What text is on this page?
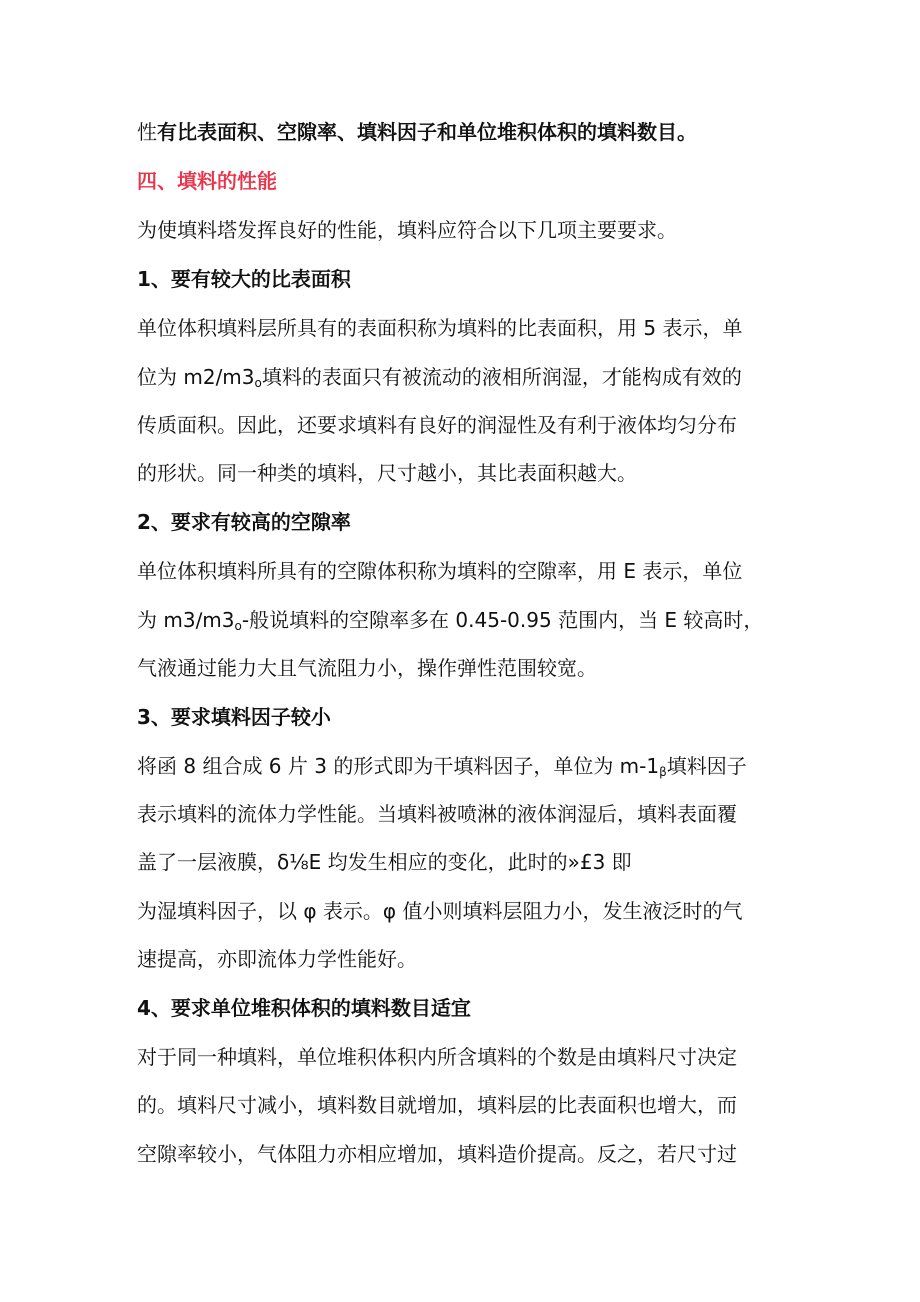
性有比表面积、空隙率、填料因子和单位堆积体积的填料数目。
四、填料的性能
为使填料塔发挥良好的性能，填料应符合以下几项主要要求。
1、要有较大的比表面积
单位体积填料层所具有的表面积称为填料的比表面积，用 5 表示，单
位为 $m2/m3_o$填料的表面只有被流动的液相所润湿，才能构成有效的
传质面积。因此，还要求填料有良好的润湿性及有利于液体均匀分布
的形状。同一种类的填料，尺寸越小，其比表面积越大。
2、要求有较高的空隙率
单位体积填料所具有的空隙体积称为填料的空隙率，用 E 表示，单位
为 $m3∕m3_o-$般说填料的空隙率多在 0.45-0.95 范围内，当 E 较高时，
气液通过能力大且气流阻力小，操作弹性范围较宽。
3、要求填料因子较小
将函 8 组合成 6 片 3 的形式即为干填料因子，单位为 $m-1_\beta$填料因子
表示填料的流体力学性能。当填料被喷淋的液体润湿后，填料表面覆
盖了一层液膜，δ⅛E 均发生相应的变化，此时的»£3 即
为湿填料因子，以 φ 表示。φ 值小则填料层阻力小，发生液泛时的气
速提高，亦即流体力学性能好。
4、要求单位堆积体积的填料数目适宜
对于同一种填料，单位堆积体积内所含填料的个数是由填料尺寸决定
的。填料尺寸减小，填料数目就增加，填料层的比表面积也增大，而
空隙率较小，气体阻力亦相应增加，填料造价提高。反之，若尺寸过
